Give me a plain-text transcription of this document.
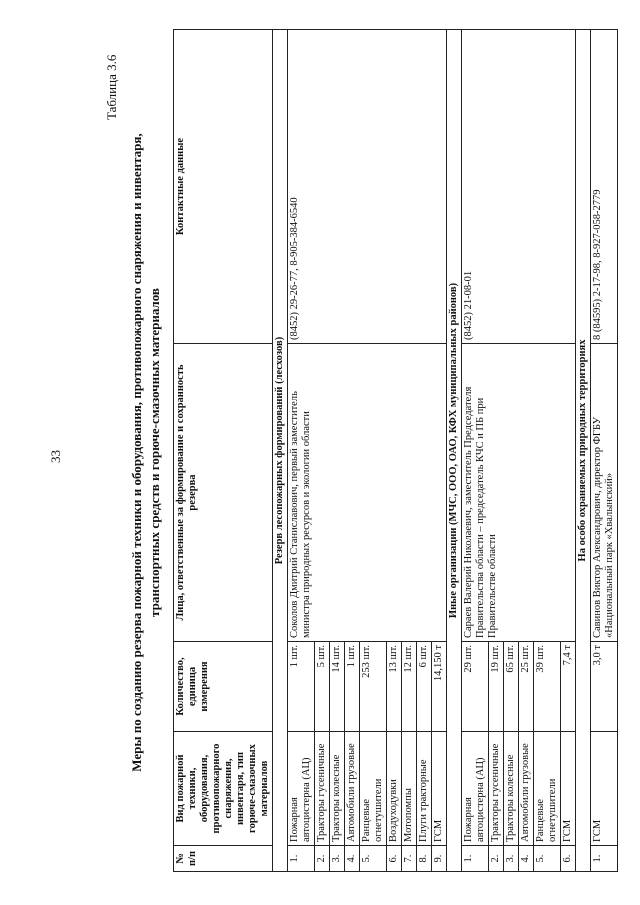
33
Таблица 3.6
Меры по созданию резерва пожарной техники и оборудования, противопожарного снаряжения и инвентаря, транспортных средств и горюче-смазочных материалов
№ п/п	Вид пожарной техники, оборудования, противопожарного снаряжения, инвентаря, тип горюче-смазочных материалов	Количество, единица измерения	Лица, ответственные за формирование и сохранность резерва	Контактные данные
Резерв лесопожарных формирований (лесхозов)				
1.	Пожарная автоцистерна (АЦ)	1 шт.	Соколов Дмитрий Станиславович, первый заместитель министра природных ресурсов и экологии области	(8452) 29-26-77, 8-905-384-6540
2.	Тракторы гусеничные	5 шт.		
3.	Тракторы колесные	14 шт.		
4.	Автомобили грузовые	1 шт.		
5.	Ранцевые огнетушители	253 шт.		
6.	Воздуходувки	13 шт.		
7.	Мотопомпы	12 шт.		
8.	Плуги тракторные	6 шт.		
9.	ГСМ	14,150 т		
Иные организации (МЧС, ООО, ОАО, КФХ муниципальных районов)				
1.	Пожарная автоцистерна (АЦ)	29 шт.	Сараев Валерий Николаевич, заместитель Председателя Правительства области – председатель КЧС и ПБ при Правительстве области	(8452) 21-08-01
2.	Тракторы гусеничные	19 шт.		
3.	Тракторы колесные	65 шт.		
4.	Автомобили грузовые	25 шт.		
5.	Ранцевые огнетушители	39 шт.		
6.	ГСМ	7,4 т		
На особо охраняемых природных территориях				
1.	ГСМ	3,0 т	Савинов Виктор Александрович, директор ФГБУ «Национальный парк «Хвалынский»	8 (84595) 2-17-98, 8-927-058-2779
